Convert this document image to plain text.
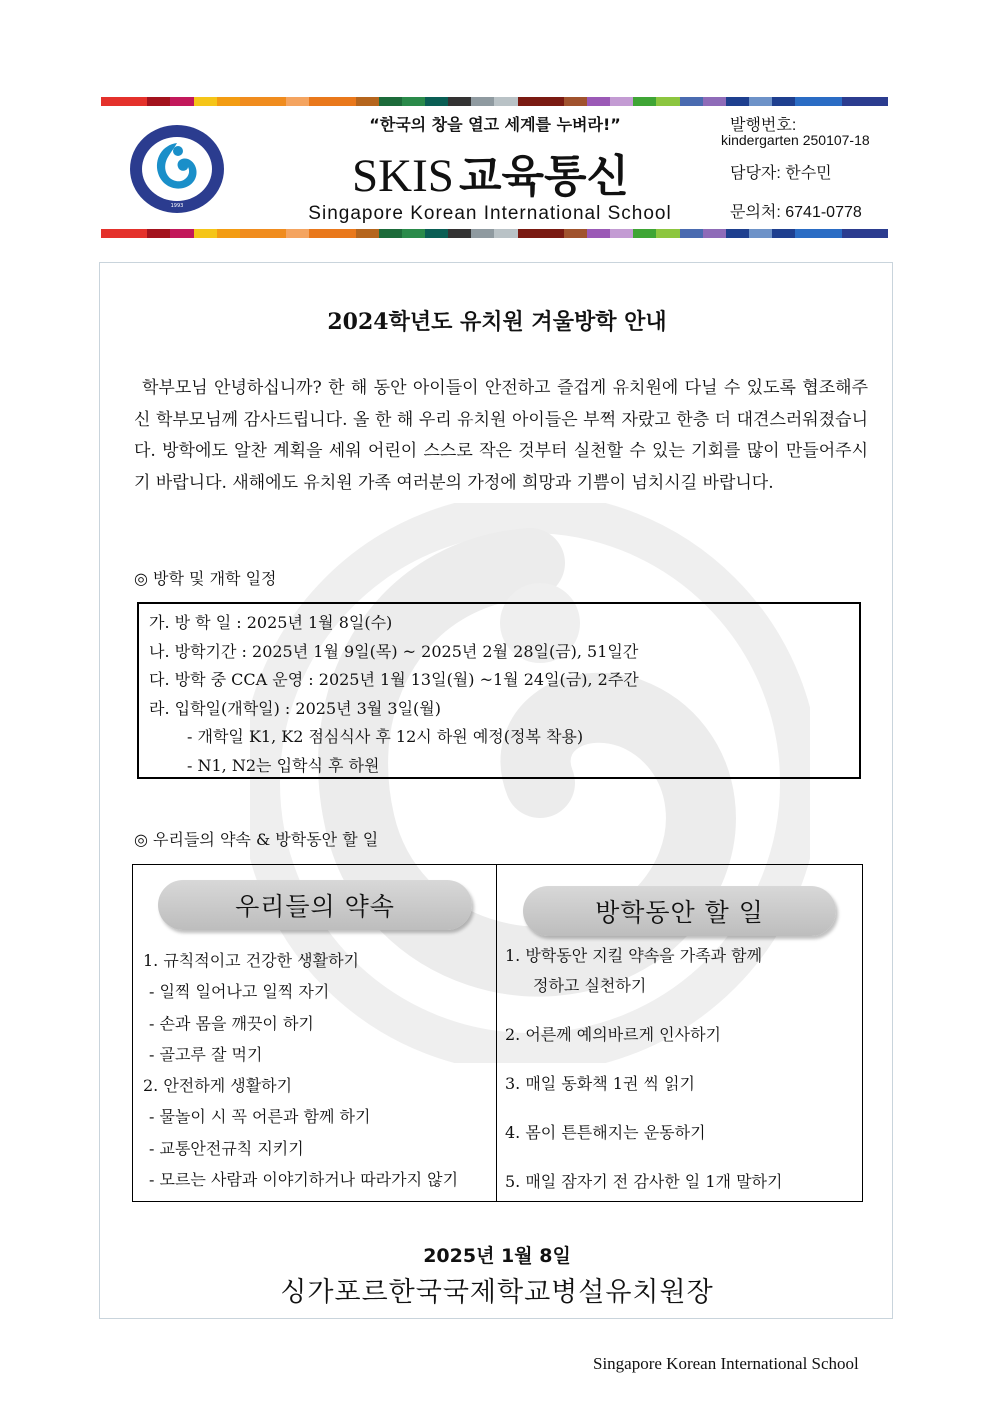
1993
“한국의 창을 열고 세계를 누벼라!”
SKIS 교육통신
Singapore Korean International School
발행번호:
kindergarten 250107-18
담당자: 한수민
문의처: 6741-0778
2024학년도 유치원 겨울방학 안내

학부모님 안녕하십니까? 한 해 동안 아이들이 안전하고 즐겁게 유치원에 다닐 수 있도록 협조해주신 학부모님께 감사드립니다. 올 한 해 우리 유치원 아이들은 부쩍 자랐고 한층 더 대견스러워졌습니다. 방학에도 알찬 계획을 세워 어린이 스스로 작은 것부터 실천할 수 있는 기회를 많이 만들어주시기 바랍니다. 새해에도 유치원 가족 여러분의 가정에 희망과 기쁨이 넘치시길 바랍니다.

◎ 방학 및 개학 일정
가. 방 학 일 : 2025년 1월 8일(수)
나. 방학기간 : 2025년 1월 9일(목) ~ 2025년 2월 28일(금), 51일간
다. 방학 중 CCA 운영 : 2025년 1월 13일(월) ~1월 24일(금), 2주간
라. 입학일(개학일) : 2025년 3월 3일(월)
- 개학일 K1, K2 점심식사 후 12시 하원 예정(정복 착용)
- N1, N2는 입학식 후 하원
◎ 우리들의 약속 & 방학동안 할 일
우리들의 약속
1. 규칙적이고 건강한 생활하기
- 일찍 일어나고 일찍 자기
- 손과 몸을 깨끗이 하기
- 골고루 잘 먹기
2. 안전하게 생활하기
- 물놀이 시 꼭 어른과 함께 하기
- 교통안전규칙 지키기
- 모르는 사람과 이야기하거나 따라가지 않기
방학동안 할 일
1. 방학동안 지킬 약속을 가족과 함께
정하고 실천하기
2. 어른께 예의바르게 인사하기
3. 매일 동화책 1권 씩 읽기
4. 몸이 튼튼해지는 운동하기
5. 매일 잠자기 전 감사한 일 1개 말하기
2025년 1월 8일
싱가포르한국국제학교병설유치원장
Singapore Korean International School
